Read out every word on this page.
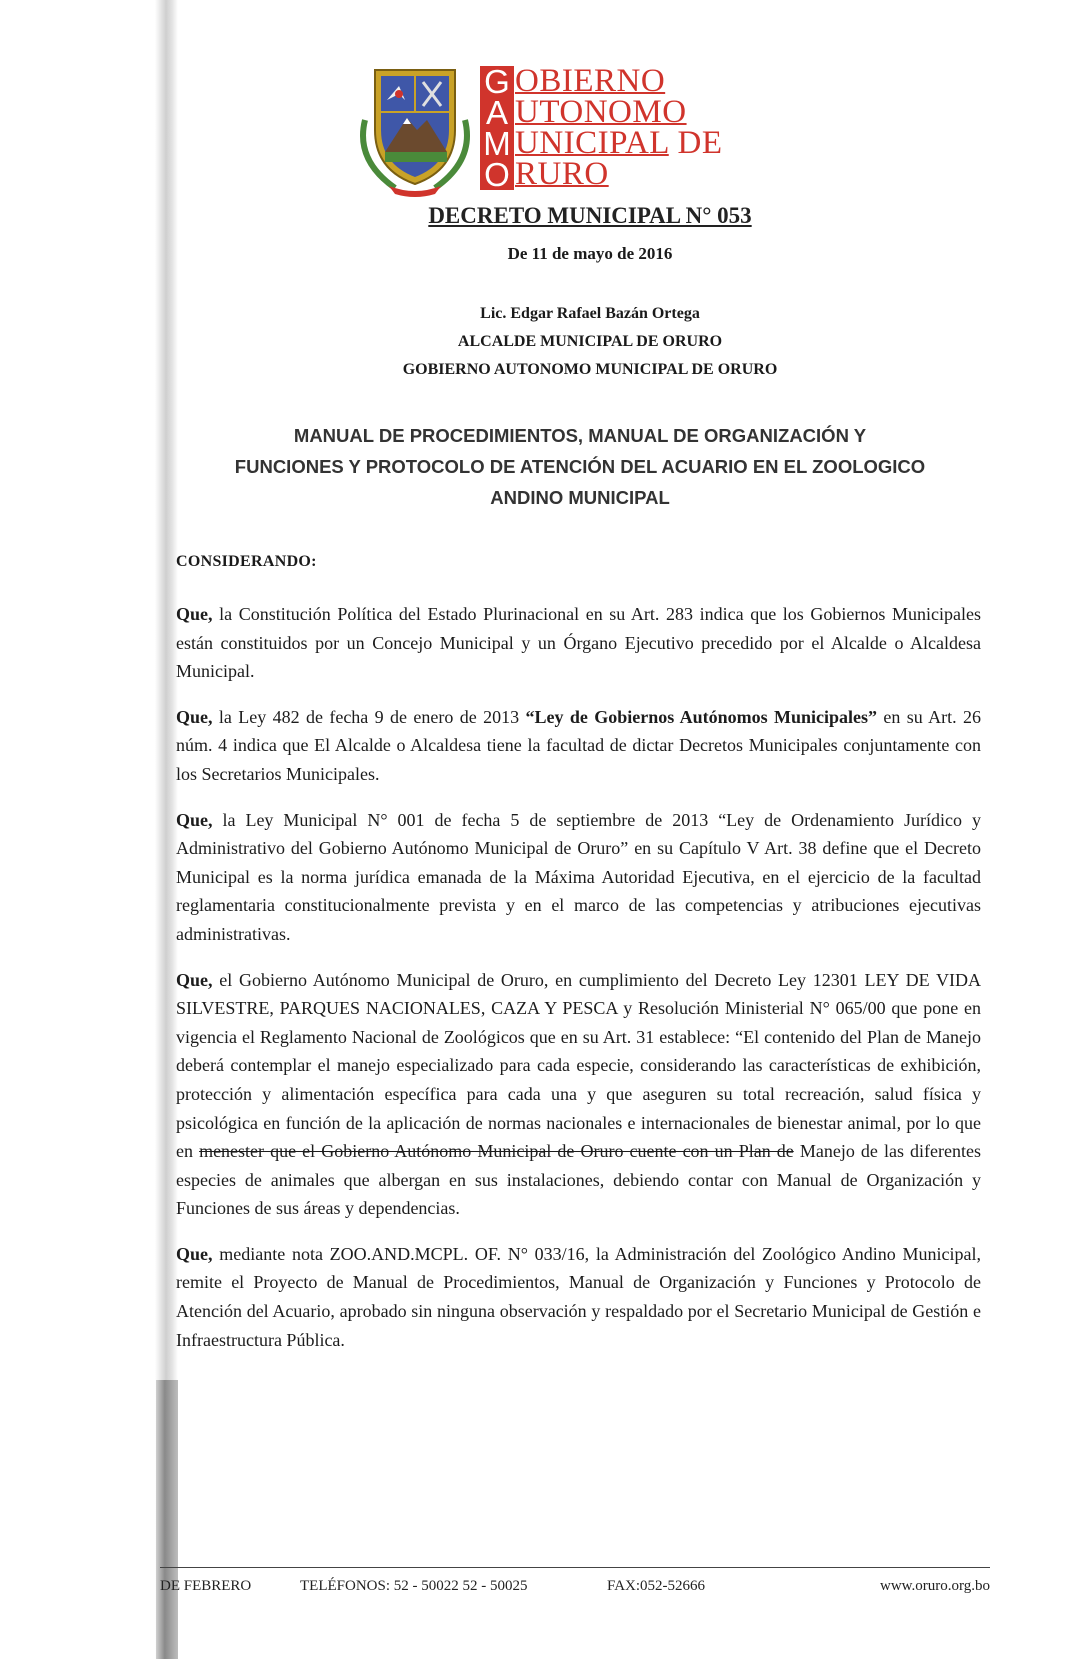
G
A
M
O
OBIERNO
UTONOMO
UNICIPAL DE
RURO
DECRETO MUNICIPAL N° 053
De 11 de mayo de 2016
Lic. Edgar Rafael Bazán Ortega
ALCALDE MUNICIPAL DE ORURO
GOBIERNO AUTONOMO MUNICIPAL DE ORURO
MANUAL DE PROCEDIMIENTOS, MANUAL DE ORGANIZACIÓN Y
FUNCIONES Y PROTOCOLO DE ATENCIÓN DEL ACUARIO EN EL ZOOLOGICO
ANDINO MUNICIPAL
CONSIDERANDO:

Que, la Constitución Política del Estado Plurinacional en su Art. 283 indica que los Gobiernos Municipales están constituidos por un Concejo Municipal y un Órgano Ejecutivo precedido por el Alcalde o Alcaldesa Municipal.

Que, la Ley 482 de fecha 9 de enero de 2013 “Ley de Gobiernos Autónomos Municipales” en su Art. 26 núm. 4 indica que El Alcalde o Alcaldesa tiene la facultad de dictar Decretos Municipales conjuntamente con los Secretarios Municipales.

Que, la Ley Municipal N° 001 de fecha 5 de septiembre de 2013 “Ley de Ordenamiento Jurídico y Administrativo del Gobierno Autónomo Municipal de Oruro” en su Capítulo V Art. 38 define que el Decreto Municipal es la norma jurídica emanada de la Máxima Autoridad Ejecutiva, en el ejercicio de la facultad reglamentaria constitucionalmente prevista y en el marco de las competencias y atribuciones ejecutivas administrativas.

Que, el Gobierno Autónomo Municipal de Oruro, en cumplimiento del Decreto Ley 12301 LEY DE VIDA SILVESTRE, PARQUES NACIONALES, CAZA Y PESCA y Resolución Ministerial N° 065/00 que pone en vigencia el Reglamento Nacional de Zoológicos que en su Art. 31 establece: “El contenido del Plan de Manejo deberá contemplar el manejo especializado para cada especie, considerando las características de exhibición, protección y alimentación específica para cada una y que aseguren su total recreación, salud física y psicológica en función de la aplicación de normas nacionales e internacionales de bienestar animal, por lo que en menester que el Gobierno Autónomo Municipal de Oruro cuente con un Plan de Manejo de las diferentes especies de animales que albergan en sus instalaciones, debiendo contar con Manual de Organización y Funciones de sus áreas y dependencias.

Que, mediante nota ZOO.AND.MCPL. OF. N° 033/16, la Administración del Zoológico Andino Municipal, remite el Proyecto de Manual de Procedimientos, Manual de Organización y Funciones y Protocolo de Atención del Acuario, aprobado sin ninguna observación y respaldado por el Secretario Municipal de Gestión e Infraestructura Pública.

DE FEBRERO	TELÉFONOS: 52 - 50022 52 - 50025	FAX:052-52666	www.oruro.org.bo
